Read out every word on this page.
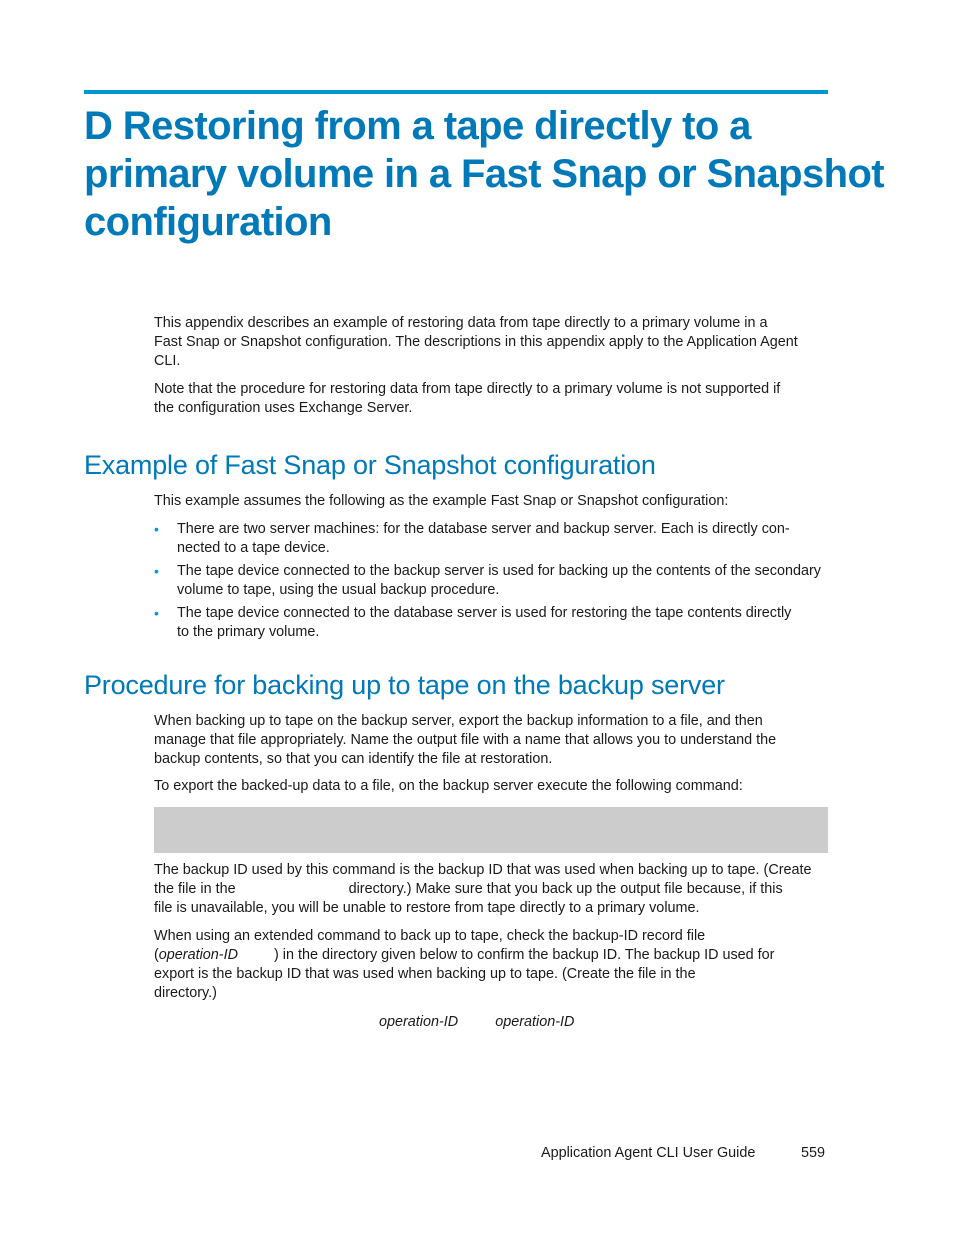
D Restoring from a tape directly to a
primary volume in a Fast Snap or Snapshot
configuration

This appendix describes an example of restoring data from tape directly to a primary volume in a
Fast Snap or Snapshot configuration. The descriptions in this appendix apply to the Application Agent
CLI.

Note that the procedure for restoring data from tape directly to a primary volume is not supported if
the configuration uses Exchange Server.

Example of Fast Snap or Snapshot configuration

This example assumes the following as the example Fast Snap or Snapshot configuration:

• There are two server machines: for the database server and backup server. Each is directly con-
nected to a tape device.
• The tape device connected to the backup server is used for backing up the contents of the secondary
volume to tape, using the usual backup procedure.
• The tape device connected to the database server is used for restoring the tape contents directly
to the primary volume.
Procedure for backing up to tape on the backup server

When backing up to tape on the backup server, export the backup information to a file, and then
manage that file appropriately. Name the output file with a name that allows you to understand the
backup contents, so that you can identify the file at restoration.

To export the backed-up data to a file, on the backup server execute the following command:

The backup ID used by this command is the backup ID that was used when backing up to tape. (Create
the file in the	directory.) Make sure that you back up the output file because, if this
file is unavailable, you will be unable to restore from tape directly to a primary volume.

When using an extended command to back up to tape, check the backup-ID record file
(operation-ID	) in the directory given below to confirm the backup ID. The backup ID used for
export is the backup ID that was used when backing up to tape. (Create the file in the
directory.)

operation-ID	operation-ID

Application Agent CLI User Guide	559
